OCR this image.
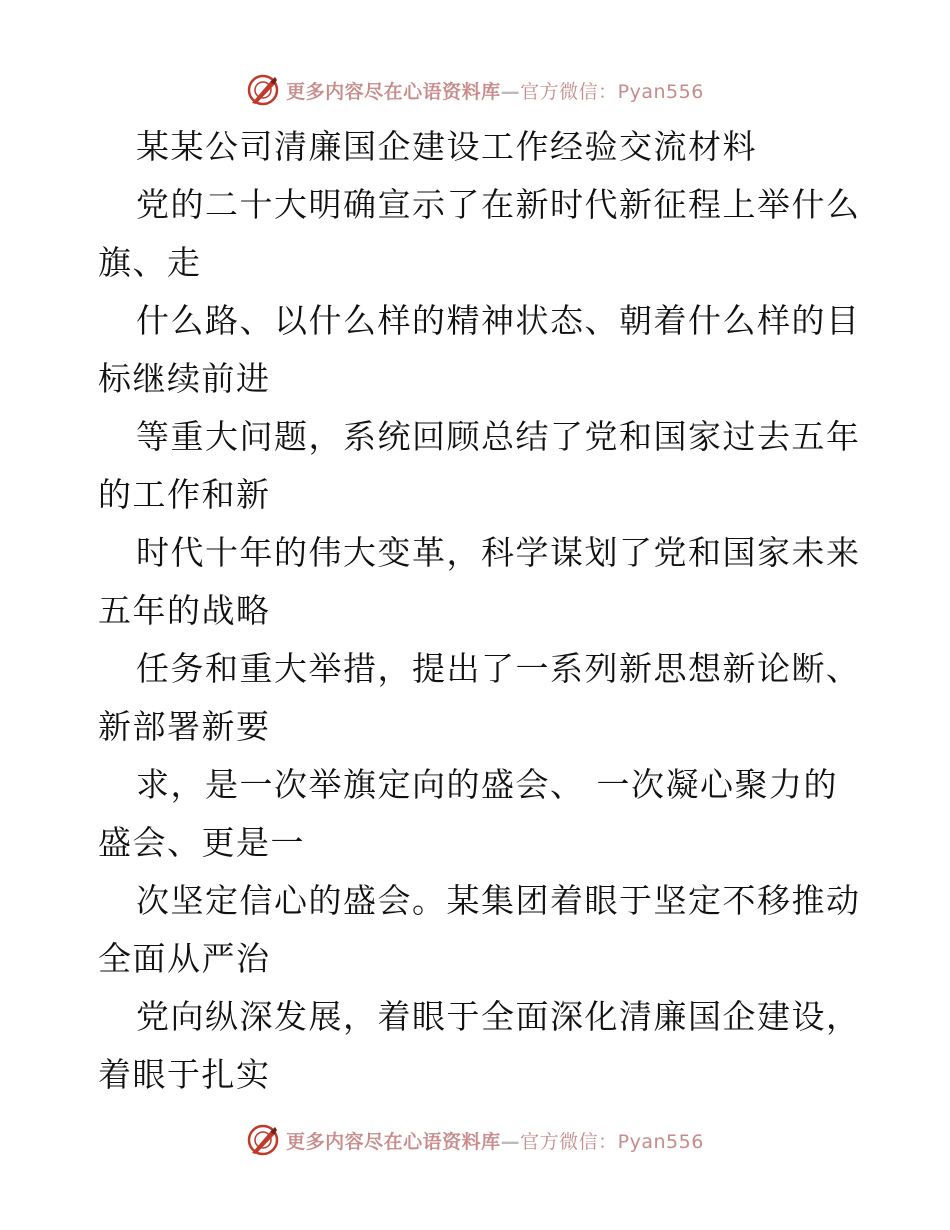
更多内容尽在心语资料库—官方微信：Pyan556
某某公司清廉国企建设工作经验交流材料
党的二十大明确宣示了在新时代新征程上举什么
旗、走
什么路、以什么样的精神状态、朝着什么样的目
标继续前进
等重大问题，系统回顾总结了党和国家过去五年
的工作和新
时代十年的伟大变革，科学谋划了党和国家未来
五年的战略
任务和重大举措，提出了一系列新思想新论断、
新部署新要
求，是一次举旗定向的盛会、 一次凝心聚力的
盛会、更是一
次坚定信心的盛会。某集团着眼于坚定不移推动
全面从严治
党向纵深发展，着眼于全面深化清廉国企建设，
着眼于扎实
更多内容尽在心语资料库—官方微信：Pyan556
